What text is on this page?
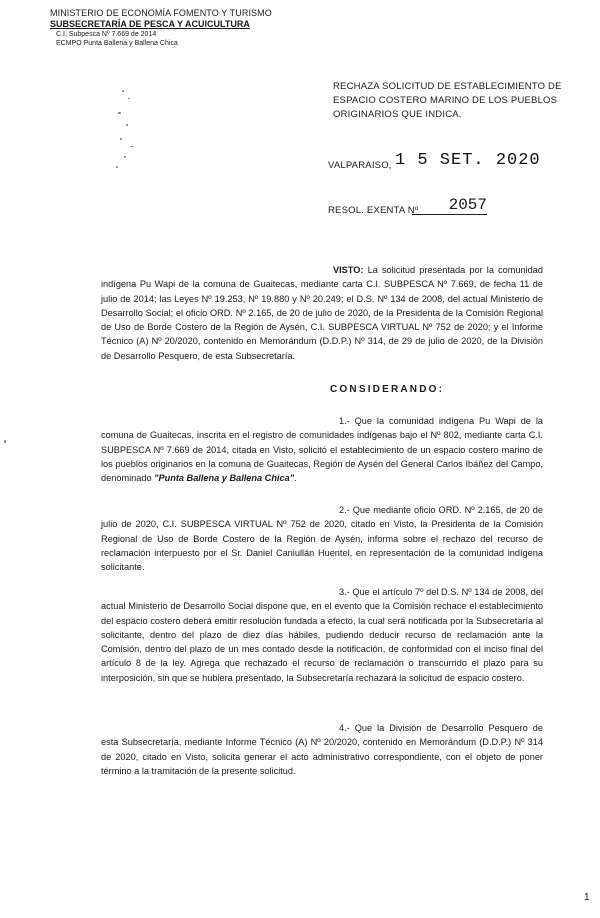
MINISTERIO DE ECONOMÍA FOMENTO Y TURISMO
SUBSECRETARÍA DE PESCA Y ACUICULTURA
C.I. Subpesca Nº 7.669 de 2014
ECMPO Punta Ballena y Ballena Chica
RECHAZA SOLICITUD DE ESTABLECIMIENTO DE ESPACIO COSTERO MARINO DE LOS PUEBLOS ORIGINARIOS QUE INDICA.
VALPARAISO, 1 5 SET. 2020
RESOL. EXENTA Nº	2057
VISTO: La solicitud presentada por la comunidad indígena Pu Wapi de la comuna de Guaitecas, mediante carta C.I. SUBPESCA Nº 7.669, de fecha 11 de julio de 2014; las Leyes Nº 19.253, Nº 19.880 y Nº 20.249; el D.S. Nº 134 de 2008, del actual Ministerio de Desarrollo Social; el oficio ORD. Nº 2.165, de 20 de julio de 2020, de la Presidenta de la Comisión Regional de Uso de Borde Costero de la Región de Aysén, C.I. SUBPESCA VIRTUAL Nº 752 de 2020; y el Informe Técnico (A) Nº 20/2020, contenido en Memorándum (D.D.P.) Nº 314, de 29 de julio de 2020, de la División de Desarrollo Pesquero, de esta Subsecretaría.
CONSIDERANDO:
1.- Que la comunidad indígena Pu Wapi de la comuna de Guaitecas, inscrita en el registro de comunidades indígenas bajo el Nº 802, mediante carta C.I. SUBPESCA Nº 7.669 de 2014, citada en Visto, solicitó el establecimiento de un espacio costero marino de los pueblos originarios en la comuna de Guaitecas, Región de Aysén del General Carlos Ibáñez del Campo, denominado "Punta Ballena y Ballena Chica".
2.- Que mediante oficio ORD. Nº 2.165, de 20 de julio de 2020, C.I. SUBPESCA VIRTUAL Nº 752 de 2020, citado en Visto, la Presidenta de la Comisión Regional de Uso de Borde Costero de la Región de Aysén, informa sobre el rechazo del recurso de reclamación interpuesto por el Sr. Daniel Caniullán Huentel, en representación de la comunidad indígena solicitante.
3.- Que el artículo 7º del D.S. Nº 134 de 2008, del actual Ministerio de Desarrollo Social dispone que, en el evento que la Comisión rechace el establecimiento del espacio costero deberá emitir resolución fundada a efecto, la cual será notificada por la Subsecretaría al solicitante, dentro del plazo de diez días hábiles, pudiendo deducir recurso de reclamación ante la Comisión, dentro del plazo de un mes contado desde la notificación, de conformidad con el inciso final del artículo 8 de la ley. Agrega que rechazado el recurso de reclamación o transcurrido el plazo para su interposición, sin que se hubiera presentado, la Subsecretaría rechazará la solicitud de espacio costero.
4.- Que la División de Desarrollo Pesquero de esta Subsecretaría, mediante Informe Técnico (A) Nº 20/2020, contenido en Memorándum (D.D.P.) Nº 314 de 2020, citado en Visto, solicita generar el acto administrativo correspondiente, con el objeto de poner término a la tramitación de la presente solicitud.
1
